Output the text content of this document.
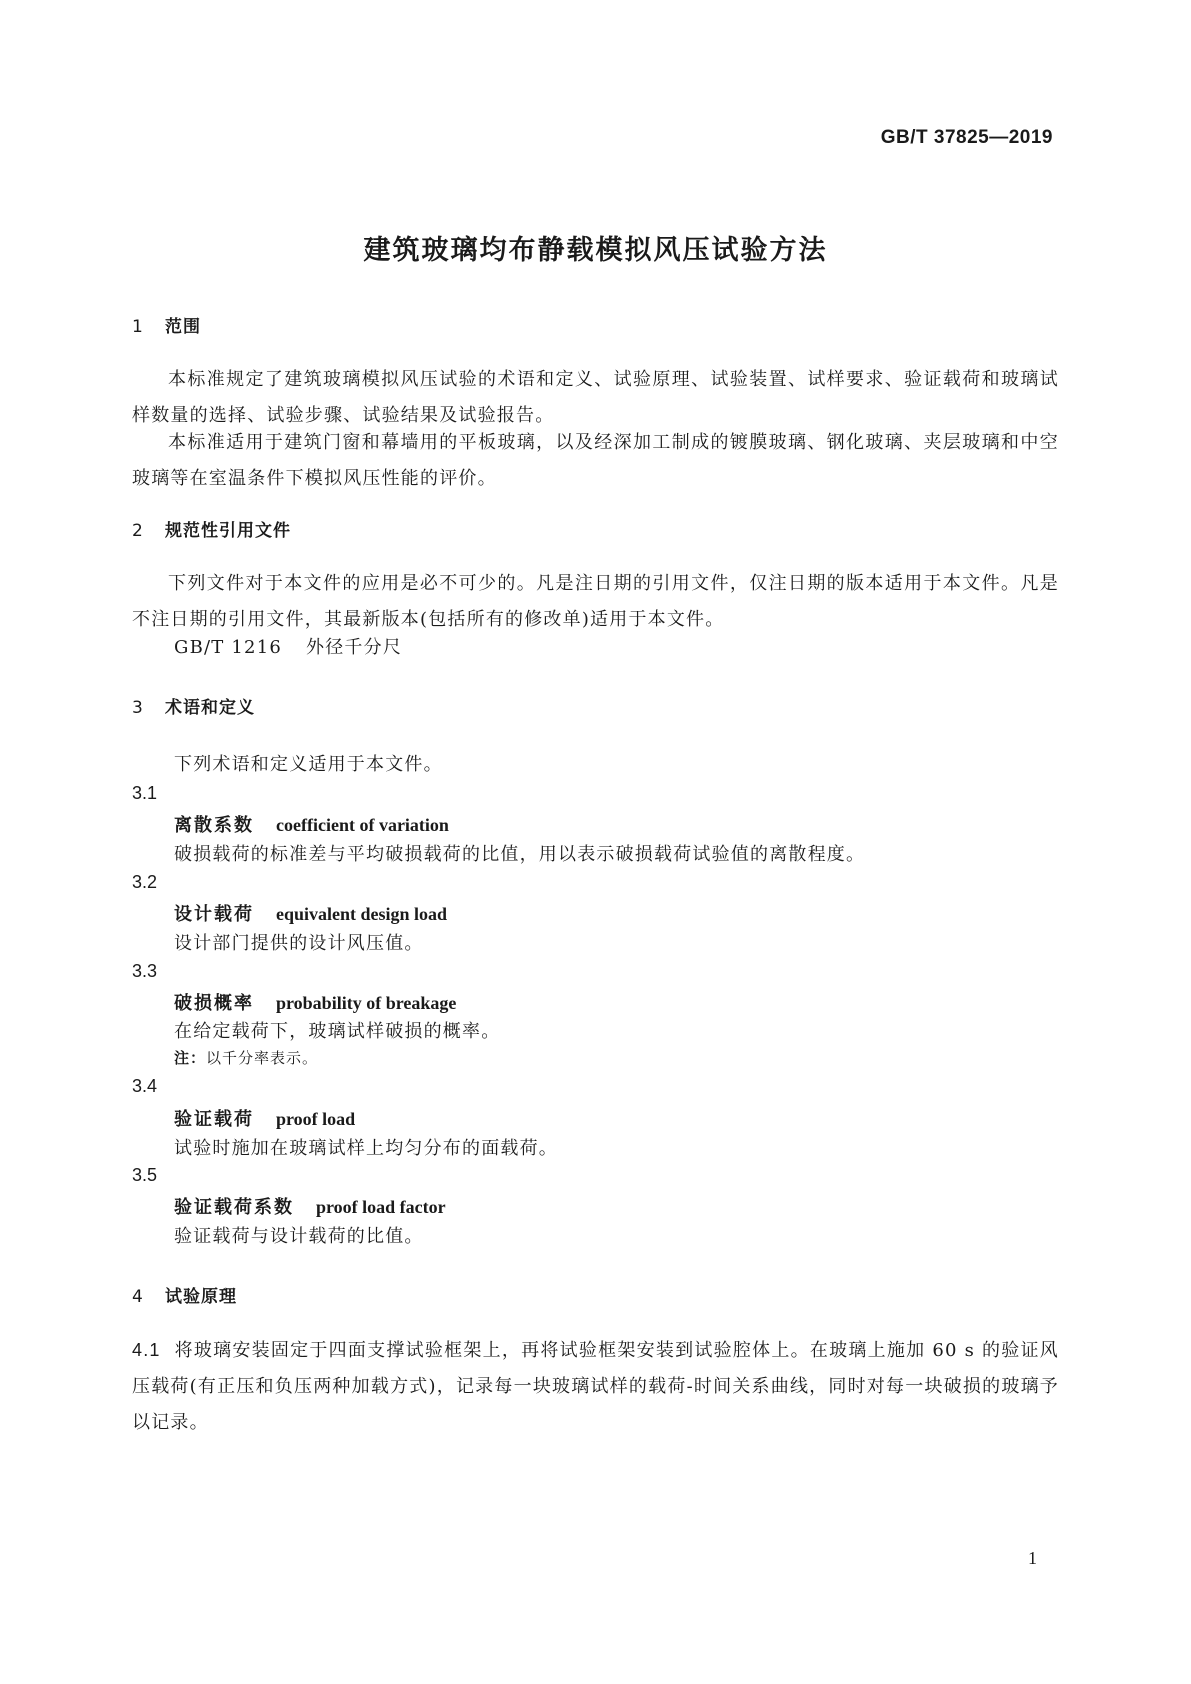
GB/T 37825—2019
建筑玻璃均布静载模拟风压试验方法
1 范围
本标准规定了建筑玻璃模拟风压试验的术语和定义、试验原理、试验装置、试样要求、验证载荷和玻璃试样数量的选择、试验步骤、试验结果及试验报告。
本标准适用于建筑门窗和幕墙用的平板玻璃，以及经深加工制成的镀膜玻璃、钢化玻璃、夹层玻璃和中空玻璃等在室温条件下模拟风压性能的评价。
2 规范性引用文件
下列文件对于本文件的应用是必不可少的。凡是注日期的引用文件，仅注日期的版本适用于本文件。凡是不注日期的引用文件，其最新版本(包括所有的修改单)适用于本文件。
GB/T 1216 外径千分尺
3 术语和定义
下列术语和定义适用于本文件。
3.1
离散系数 coefficient of variation
破损载荷的标准差与平均破损载荷的比值，用以表示破损载荷试验值的离散程度。
3.2
设计载荷 equivalent design load
设计部门提供的设计风压值。
3.3
破损概率 probability of breakage
在给定载荷下，玻璃试样破损的概率。
注：以千分率表示。
3.4
验证载荷 proof load
试验时施加在玻璃试样上均匀分布的面载荷。
3.5
验证载荷系数 proof load factor
验证载荷与设计载荷的比值。
4 试验原理
4.1 将玻璃安装固定于四面支撑试验框架上，再将试验框架安装到试验腔体上。在玻璃上施加 60 s 的验证风压载荷(有正压和负压两种加载方式)，记录每一块玻璃试样的载荷-时间关系曲线，同时对每一块破损的玻璃予以记录。
1
